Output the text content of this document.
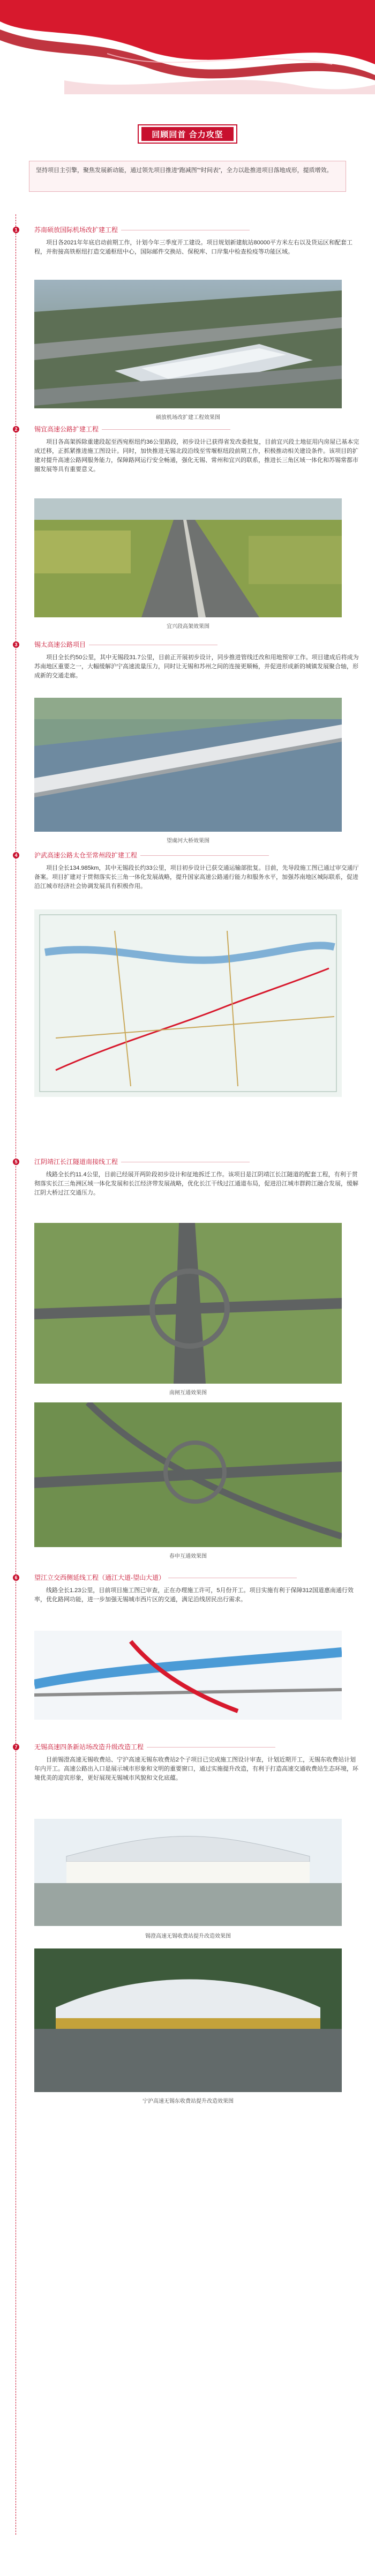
回顾回首 合力攻坚
坚持项目主引擎，聚焦发展新动能，通过领先项目推进“跑减图”“时间表”，全力以赴推进项目落地成形，提质增效。
1	苏南硕放国际机场改扩建工程
项目各2021年年底启动前期工作，计划今年三季度开工建设。项目规划新建航站80000平方米左右以及货运区和配套工程，并衔接高铁枢纽打造交通枢纽中心，国际邮件交换站、保税库、口岸集中检查检疫等功能区域。
硕放机场改扩建工程效果图
2	锡宜高速公路扩建工程
项目各高架拆除重建段起至西宛枢纽约36公里路段，初步设计已获得省发改委批复，目前宜兴段土地征用内房屋已基本完成迁移，正抓紧推进施工图设计。同时，加快推进无锡北段沿线至雪堰枢纽段前期工作，积极推动相关建设条件。该项目的扩建对提升高速公路网服务能力，保障路网运行安全畅通，强化无锡、常州和宜兴的联系，推进长三角区域一体化和苏锡常都市圈发展等具有重要意义。
宜兴段高架效果图
3	锡太高速公路项目
项目全长约50公里，其中无锡段31.7公里，目前正开展初步设计，同步推进管线迁改和用地预审工作。项目建成后将成为苏南地区重要之一，大幅缓解沪宁高速流量压力，同时让无锡和苏州之间的连接更顺畅，并促进形成新的城镇发展聚合轴，形成新的交通走廊。
望虞河大桥效果图
4	沪武高速公路太仓至常州段扩建工程
项目全长134.985km，其中无锡段长约33公里，项目初步设计已获交通运输部批复。目前，先导段施工图已通过审交通厅备案。项目扩建对于贯彻落实长三角一体化发展战略，提升国家高速公路通行能力和服务水平，加强苏南地区城际联系，促进沿江城市经济社会协调发展具有积极作用。
5	江阴靖江长江隧道南接线工程
线路全长约11.4公里，目前已经展开两阶段初步设计和征地拆迁工作。该项目是江阴靖江长江隧道的配套工程，有利于贯彻落实长江三角洲区域一体化发展和长江经济带发展战略，优化长江干线过江通道布局，促进沿江城市群跨江融合发展，缓解江阴大桥过江交通压力。
南闸互通效果图
春申互通效果图
6	望江立交西侧延线工程（通江大道-望山大道）
线路全长1.23公里，目前项目施工图已审查，正在办理施工许可，5月份开工。项目实施有利于保障312国道惠南通行效率，优化路网功能，进一步加强无锡城市西片区的交通，满足沿线居民出行需求。
7	无锡高速四条新站场改造升级改造工程
目前锡澄高速无锡收费站、宁沪高速无锡东收费站2个子项目已完成施工图设计审查，计划近期开工，无锡东收费站计划年内开工。高速公路出入口是展示城市形象和文明的重要窗口，通过实施提升改造，有利于打造高速交通收费站生态环境，环境优美的迎宾形象，更好展现无锡城市风貌和文化底蕴。
锡澄高速无锡收费站提升改造效果图
宁沪高速无锡东收费站提升改造效果图
